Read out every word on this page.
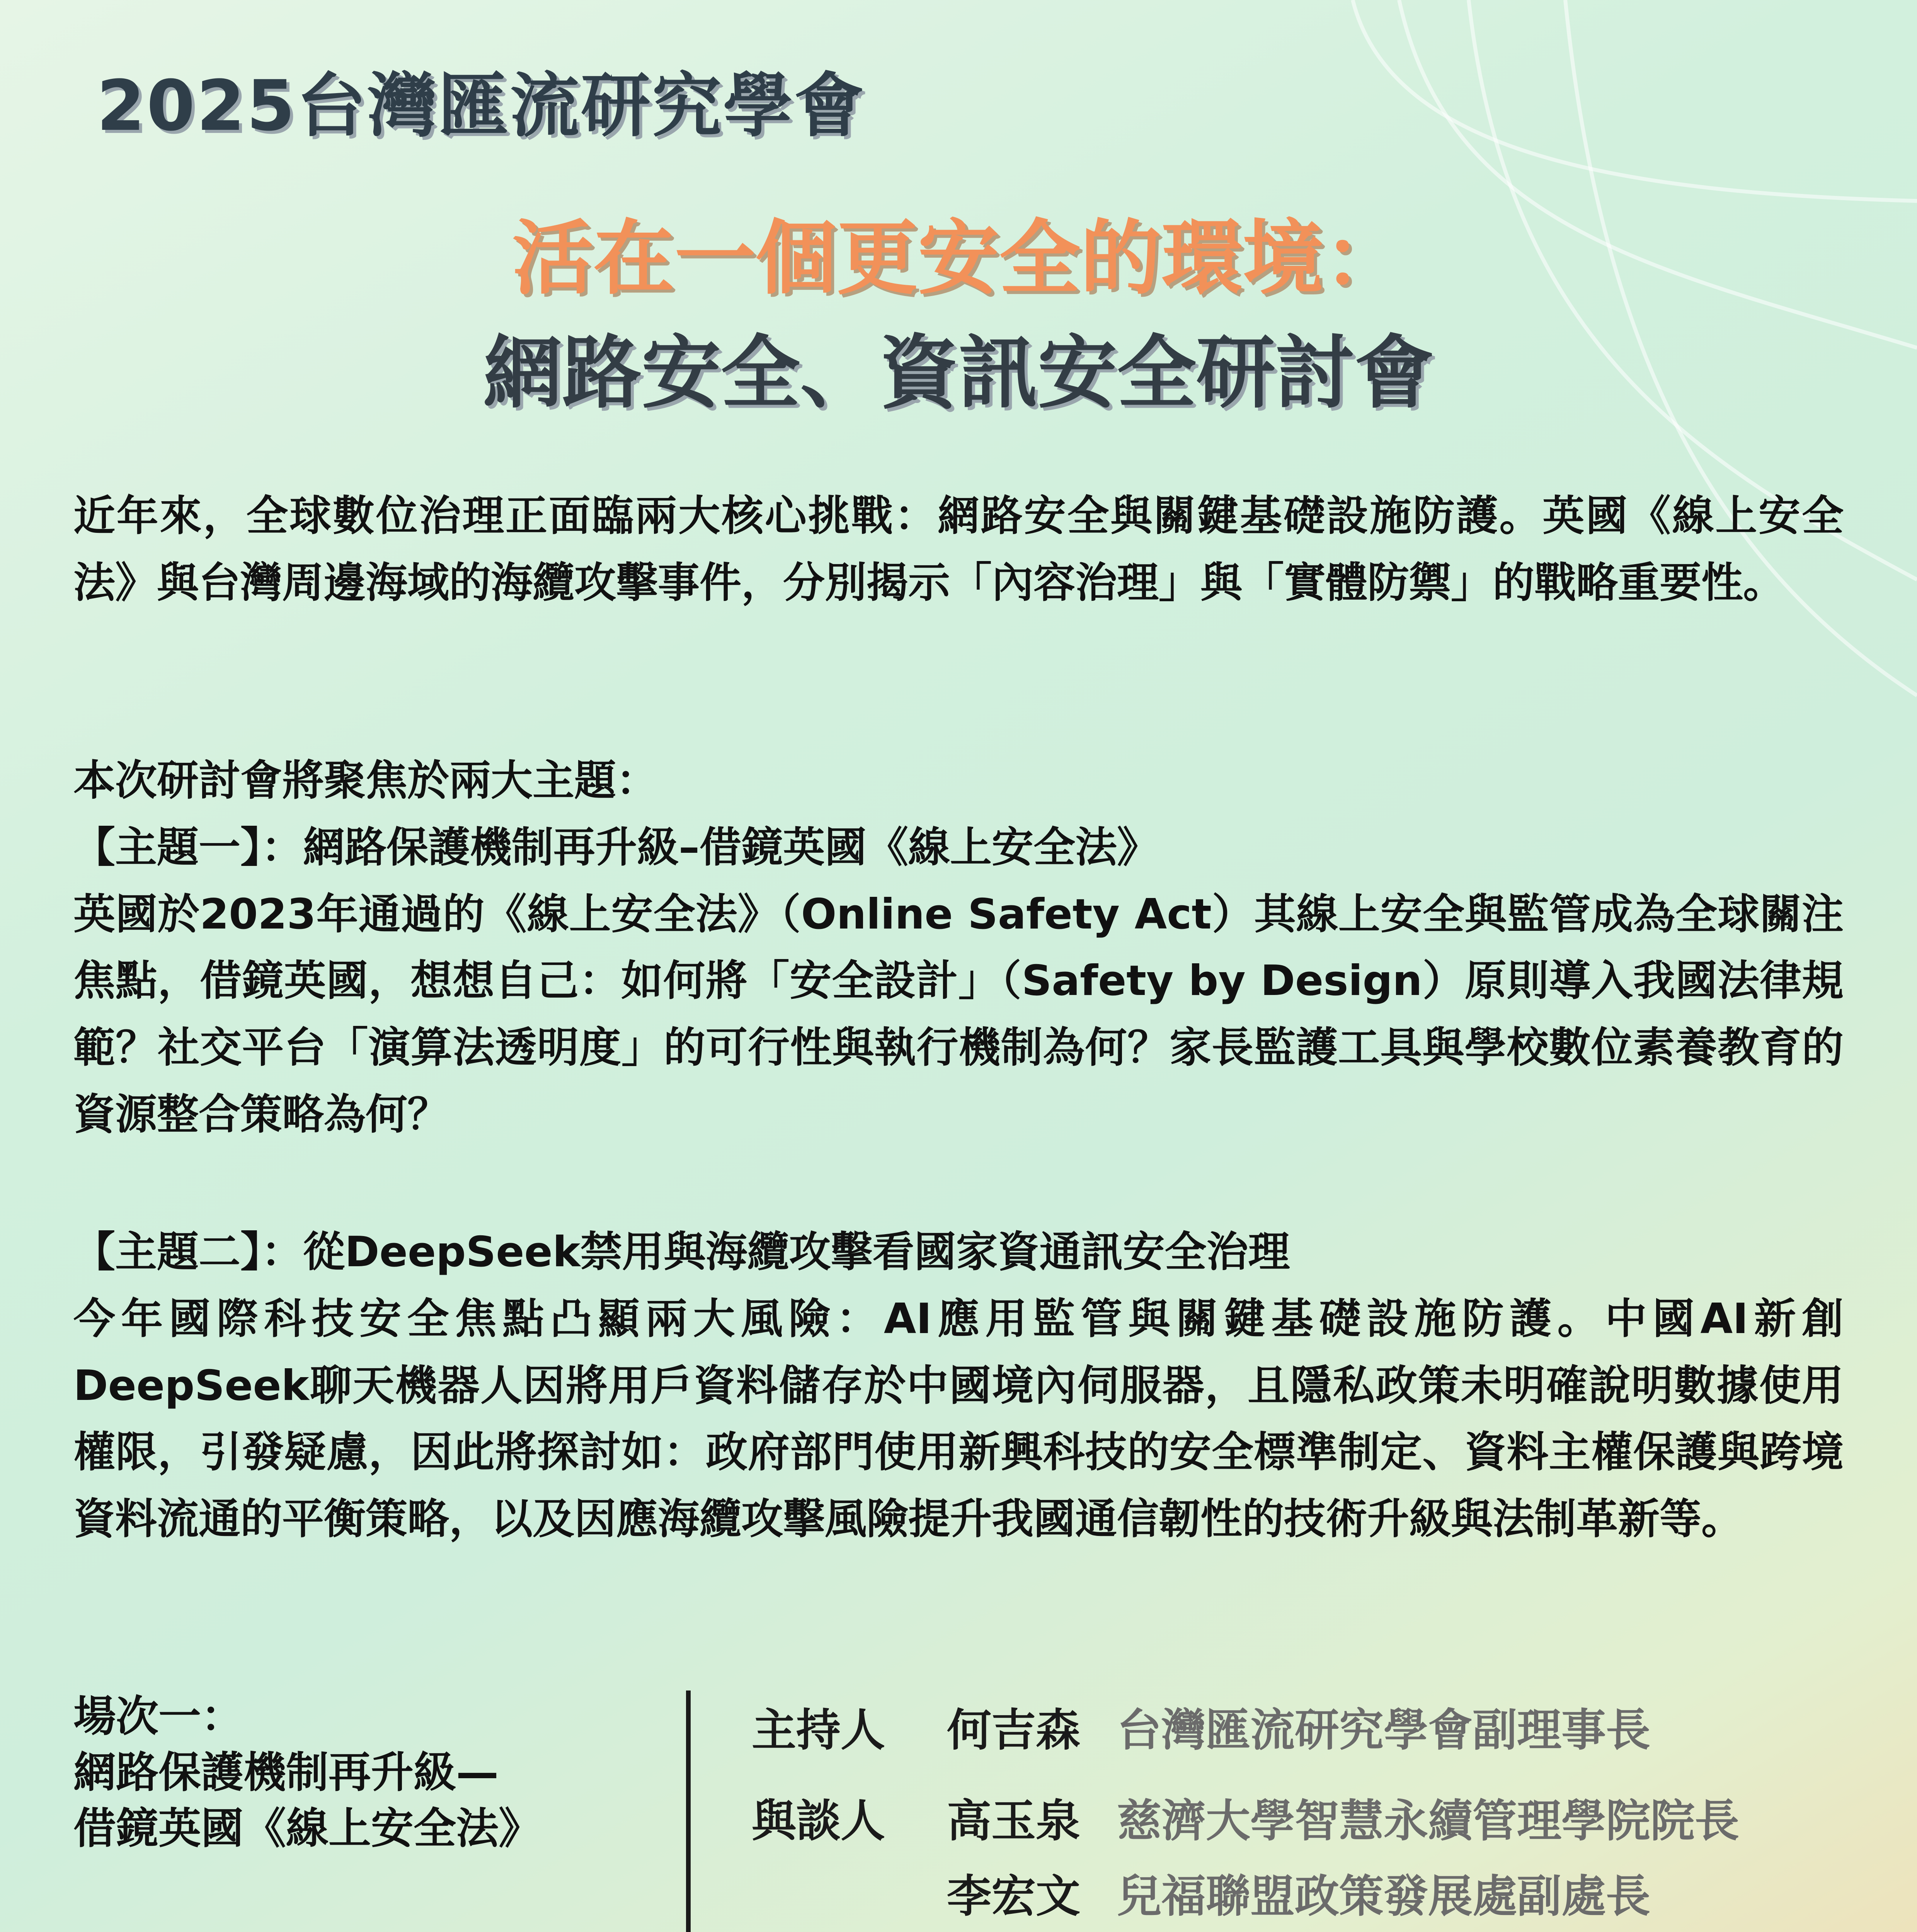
2025台灣匯流研究學會
活在一個更安全的環境：
網路安全、資訊安全研討會

近年來，全球數位治理正面臨兩大核心挑戰：網路安全與關鍵基礎設施防護。英國《線上安全法》與台灣周邊海域的海纜攻擊事件，分別揭示「內容治理」與「實體防禦」的戰略重要性。

本次研討會將聚焦於兩大主題：

【主題一】：網路保護機制再升級–借鏡英國《線上安全法》

英國於2023年通過的《線上安全法》（Online Safety Act）其線上安全與監管成為全球關注焦點，借鏡英國，想想自己：如何將「安全設計」（Safety by Design）原則導入我國法律規範？社交平台「演算法透明度」的可行性與執行機制為何？家長監護工具與學校數位素養教育的資源整合策略為何？

【主題二】：從DeepSeek禁用與海纜攻擊看國家資通訊安全治理

今年國際科技安全焦點凸顯兩大風險：AI應用監管與關鍵基礎設施防護。中國AI新創DeepSeek聊天機器人因將用戶資料儲存於中國境內伺服器，且隱私政策未明確說明數據使用權限，引發疑慮，因此將探討如：政府部門使用新興科技的安全標準制定、資料主權保護與跨境資料流通的平衡策略，以及因應海纜攻擊風險提升我國通信韌性的技術升級與法制革新等。

場次一：
網路保護機制再升級—
借鏡英國《線上安全法》
主持人 何吉森 台灣匯流研究學會副理事長
與談人 高玉泉 慈濟大學智慧永續管理學院院長
李宏文 兒福聯盟政策發展處副處長
